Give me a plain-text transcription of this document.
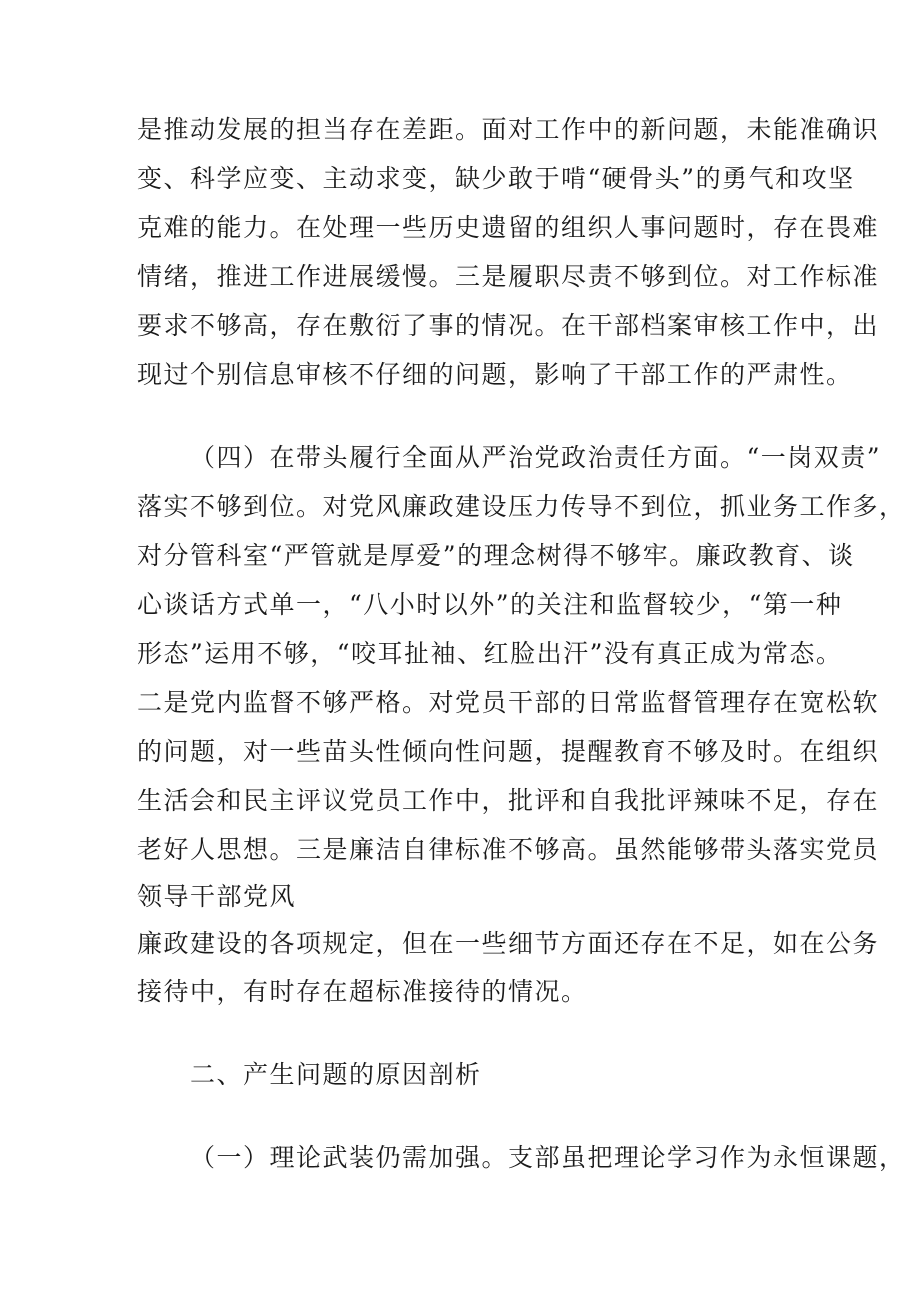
是推动发展的担当存在差距。面对工作中的新问题，未能准确识
变、科学应变、主动求变，缺少敢于啃“硬骨头”的勇气和攻坚
克难的能力。在处理一些历史遗留的组织人事问题时，存在畏难
情绪，推进工作进展缓慢。三是履职尽责不够到位。对工作标准
要求不够高，存在敷衍了事的情况。在干部档案审核工作中，出
现过个别信息审核不仔细的问题，影响了干部工作的严肃性。
（四）在带头履行全面从严治党政治责任方面。“一岗双责”
落实不够到位。对党风廉政建设压力传导不到位，抓业务工作多，
对分管科室“严管就是厚爱”的理念树得不够牢。廉政教育、谈
心谈话方式单一，“八小时以外”的关注和监督较少，“第一种
形态”运用不够，“咬耳扯袖、红脸出汗”没有真正成为常态。
二是党内监督不够严格。对党员干部的日常监督管理存在宽松软
的问题，对一些苗头性倾向性问题，提醒教育不够及时。在组织
生活会和民主评议党员工作中，批评和自我批评辣味不足，存在
老好人思想。三是廉洁自律标准不够高。虽然能够带头落实党员
领导干部党风
廉政建设的各项规定，但在一些细节方面还存在不足，如在公务
接待中，有时存在超标准接待的情况。
二、产生问题的原因剖析
（一）理论武装仍需加强。支部虽把理论学习作为永恒课题，
